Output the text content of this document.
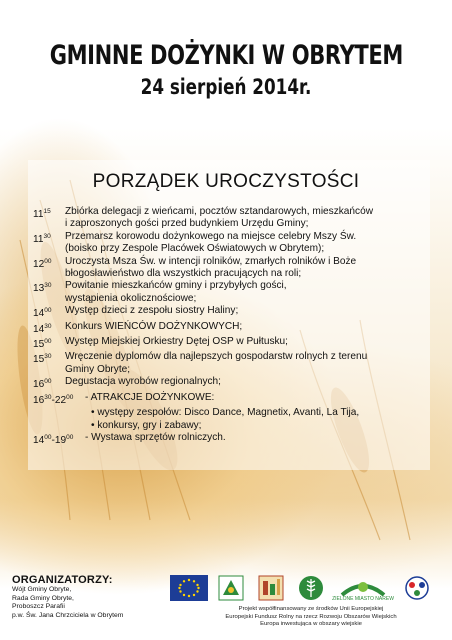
GMINNE DOŻYNKI W OBRYTEM
24 sierpień 2014r.
PORZĄDEK UROCZYSTOŚCI
$11^{15}$	Zbiórka delegacji z wieńcami, pocztów sztandarowych, mieszkańców
i zaproszonych gości przed budynkiem Urzędu Gminy;
$11^{30}$	Przemarsz korowodu dożynkowego na miejsce celebry Mszy Św.
(boisko przy Zespole Placówek Oświatowych w Obrytem);
$12^{00}$	Uroczysta Msza Św. w intencji rolników, zmarłych rolników i Boże
błogosławieństwo dla wszystkich pracujących na roli;
$13^{30}$	Powitanie mieszkańców gminy i przybyłych gości,
wystąpienia okolicznościowe;
$14^{00}$	Występ dzieci z zespołu siostry Haliny;
$14^{30}$	Konkurs WIEŃCÓW DOŻYNKOWYCH;
$15^{00}$	Występ Miejskiej Orkiestry Dętej OSP w Pułtusku;
$15^{30}$	Wręczenie dyplomów dla najlepszych gospodarstw rolnych z terenu
Gminy Obryte;
$16^{00}$	Degustacja wyrobów regionalnych;
$16^{30}-22^{00}$	- ATRAKCJE DOŻYNKOWE:
• występy zespołów: Disco Dance, Magnetix, Avanti, La Tija,
• konkursy, gry i zabawy;
$14^{00}-19^{00}$	- Wystawa sprzętów rolniczych.
ORGANIZATORZY:
Wójt Gminy Obryte,
Rada Gminy Obryte,
Proboszcz Parafii
p.w. Św. Jana Chrzciciela w Obrytem
ZIELONE MIASTO NAREW
Projekt współfinansowany ze środków Unii Europejskiej
Europejski Fundusz Rolny na rzecz Rozwoju Obszarów Wiejskich
Europa inwestująca w obszary wiejskie
